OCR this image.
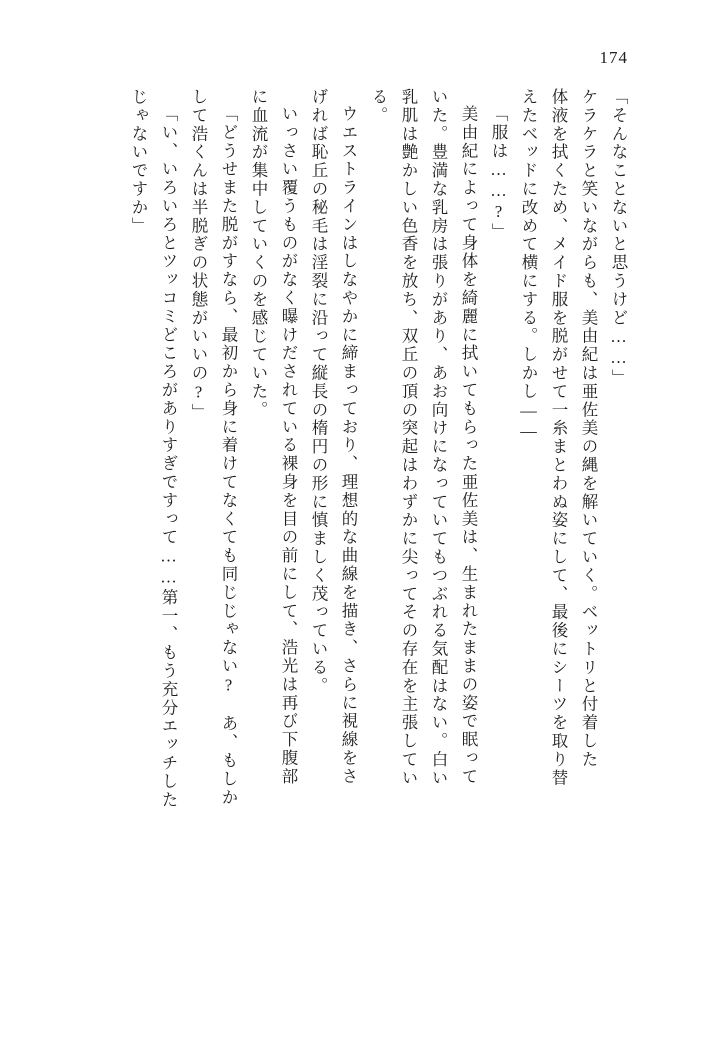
174
「そんなことないと思うけど……」
ケラケラと笑いながらも、美由紀は亜佐美の縄を解いていく。ベットリと付着した
体液を拭くため、メイド服を脱がせて一糸まとわぬ姿にして、最後にシーツを取り替
えたベッドに改めて横にする。しかし――
「服は……?」
美由紀によって身体を綺麗に拭いてもらった亜佐美は、生まれたままの姿で眠って
いた。豊満な乳房は張りがあり、あお向けになっていてもつぶれる気配はない。白い
乳肌は艶かしい色香を放ち、双丘の頂の突起はわずかに尖ってその存在を主張してい
る。
ウエストラインはしなやかに締まっており、理想的な曲線を描き、さらに視線をさ
げれば恥丘の秘毛は淫裂に沿って縦長の楕円の形に慎ましく茂っている。
いっさい覆うものがなく曝けだされている裸身を目の前にして、浩光は再び下腹部
に血流が集中していくのを感じていた。
「どうせまた脱がすなら、最初から身に着けてなくても同じじゃない?　あ、もしか
して浩くんは半脱ぎの状態がいいの?」
「い、いろいろとツッコミどころがありすぎですって……第一、もう充分エッチした
じゃないですか」
